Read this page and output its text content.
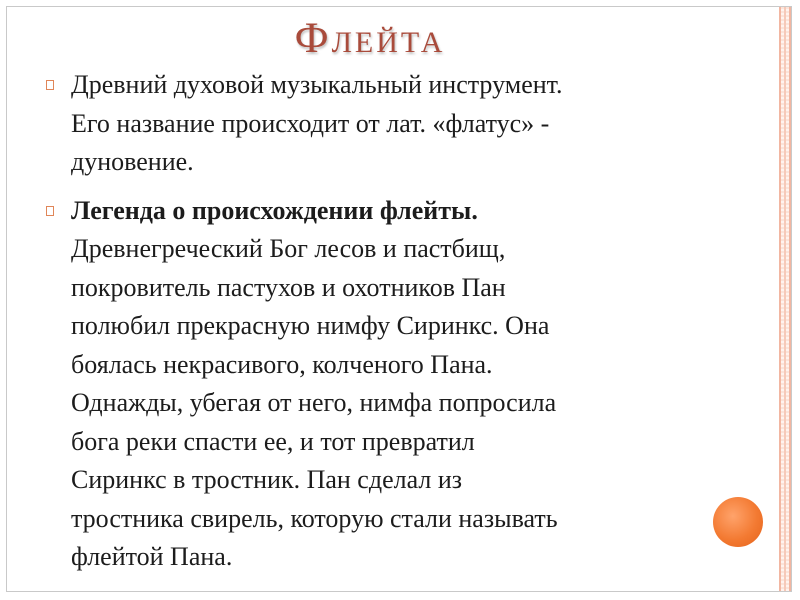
Флейта
Древний духовой музыкальный инструмент.
Его название происходит от лат. «флатус» -
дуновение.
Легенда о происхождении флейты.
Древнегреческий Бог лесов и пастбищ,
покровитель пастухов и охотников Пан
полюбил прекрасную нимфу Сиринкс. Она
боялась некрасивого, колченого Пана.
Однажды, убегая от него, нимфа попросила
бога реки спасти ее, и тот превратил
Сиринкс в тростник. Пан сделал из
тростника свирель, которую стали называть
флейтой Пана.
